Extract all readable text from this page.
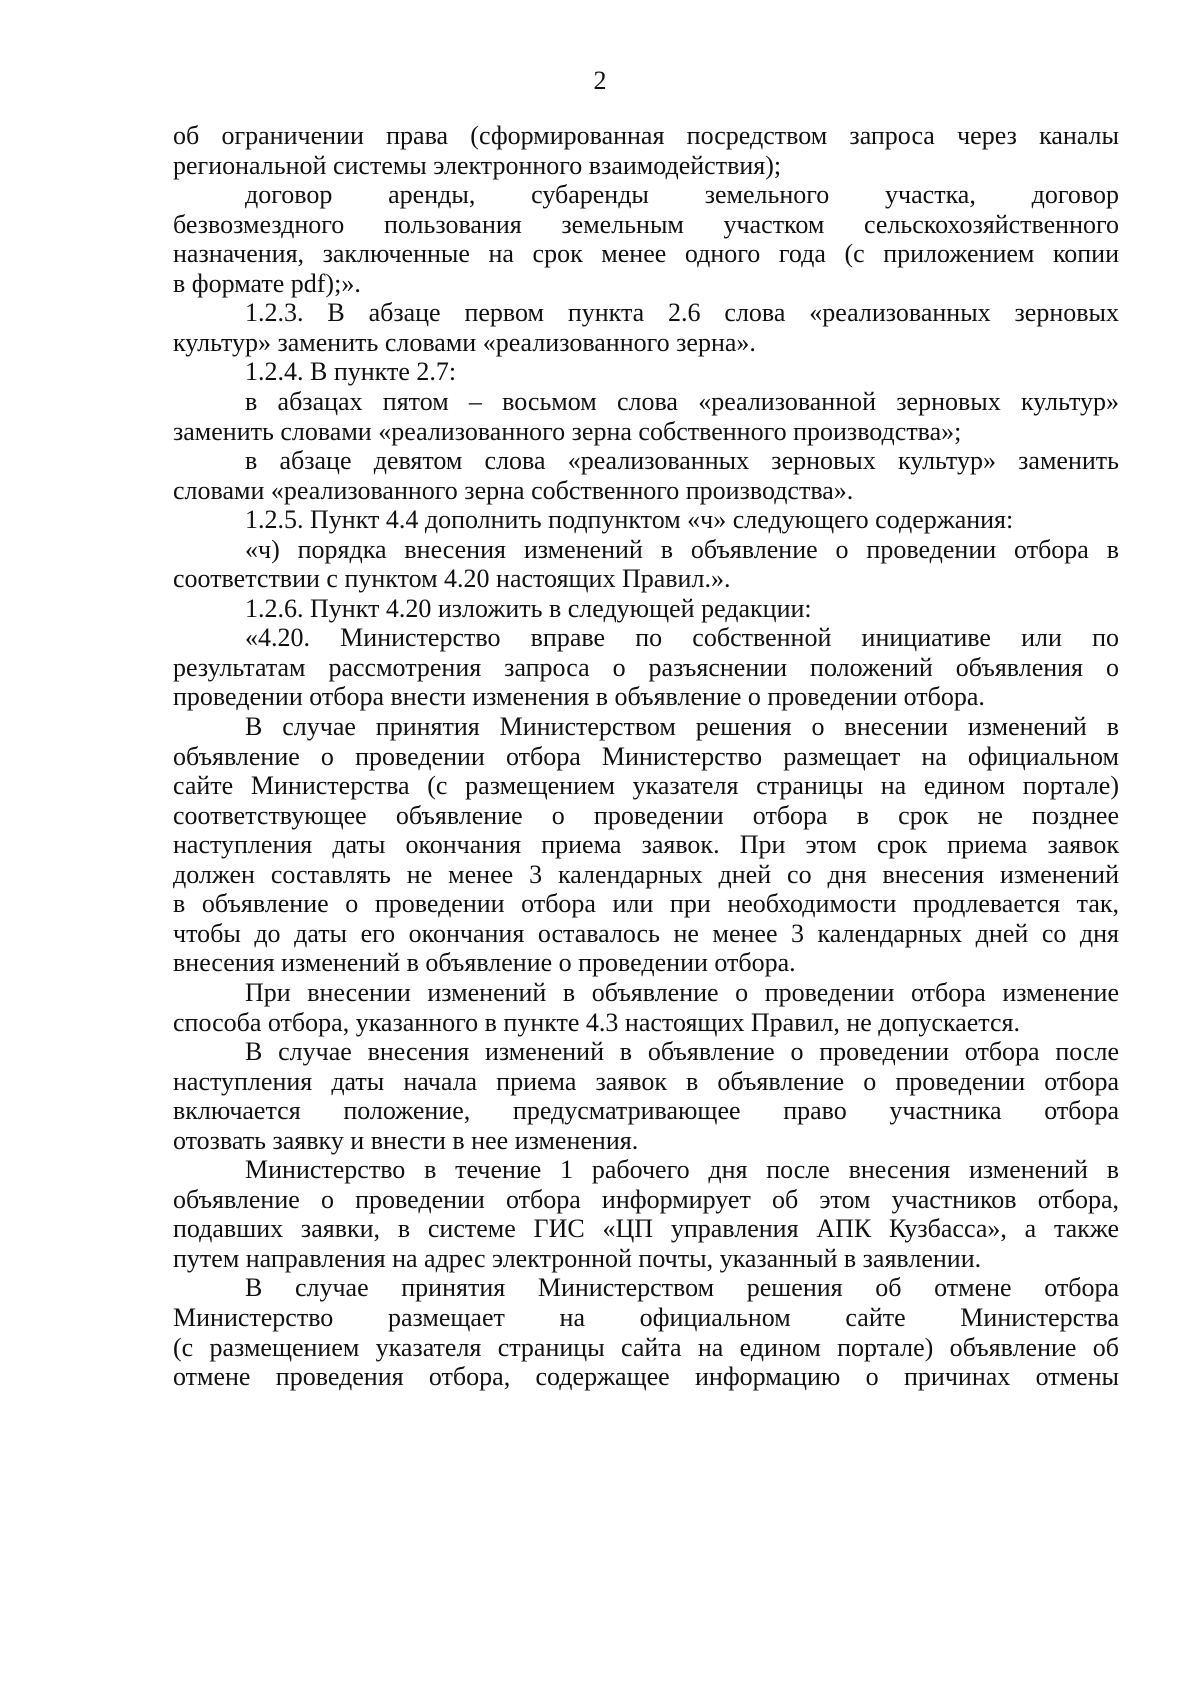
2
об ограничении права (сформированная посредством запроса через каналы
региональной системы электронного взаимодействия);
договор аренды, субаренды земельного участка, договор
безвозмездного пользования земельным участком сельскохозяйственного
назначения, заключенные на срок менее одного года (с приложением копии
в формате pdf);».
1.2.3. В абзаце первом пункта 2.6 слова «реализованных зерновых
культур» заменить словами «реализованного зерна».
1.2.4. В пункте 2.7:
в абзацах пятом – восьмом слова «реализованной зерновых культур»
заменить словами «реализованного зерна собственного производства»;
в абзаце девятом слова «реализованных зерновых культур» заменить
словами «реализованного зерна собственного производства».
1.2.5. Пункт 4.4 дополнить подпунктом «ч» следующего содержания:
«ч) порядка внесения изменений в объявление о проведении отбора в
соответствии с пунктом 4.20 настоящих Правил.».
1.2.6. Пункт 4.20 изложить в следующей редакции:
«4.20. Министерство вправе по собственной инициативе или по
результатам рассмотрения запроса о разъяснении положений объявления о
проведении отбора внести изменения в объявление о проведении отбора.
В случае принятия Министерством решения о внесении изменений в
объявление о проведении отбора Министерство размещает на официальном
сайте Министерства (с размещением указателя страницы на едином портале)
соответствующее объявление о проведении отбора в срок не позднее
наступления даты окончания приема заявок. При этом срок приема заявок
должен составлять не менее 3 календарных дней со дня внесения изменений
в объявление о проведении отбора или при необходимости продлевается так,
чтобы до даты его окончания оставалось не менее 3 календарных дней со дня
внесения изменений в объявление о проведении отбора.
При внесении изменений в объявление о проведении отбора изменение
способа отбора, указанного в пункте 4.3 настоящих Правил, не допускается.
В случае внесения изменений в объявление о проведении отбора после
наступления даты начала приема заявок в объявление о проведении отбора
включается положение, предусматривающее право участника отбора
отозвать заявку и внести в нее изменения.
Министерство в течение 1 рабочего дня после внесения изменений в
объявление о проведении отбора информирует об этом участников отбора,
подавших заявки, в системе ГИС «ЦП управления АПК Кузбасса», а также
путем направления на адрес электронной почты, указанный в заявлении.
В случае принятия Министерством решения об отмене отбора
Министерство размещает на официальном сайте Министерства
(с размещением указателя страницы сайта на едином портале) объявление об
отмене проведения отбора, содержащее информацию о причинах отмены
